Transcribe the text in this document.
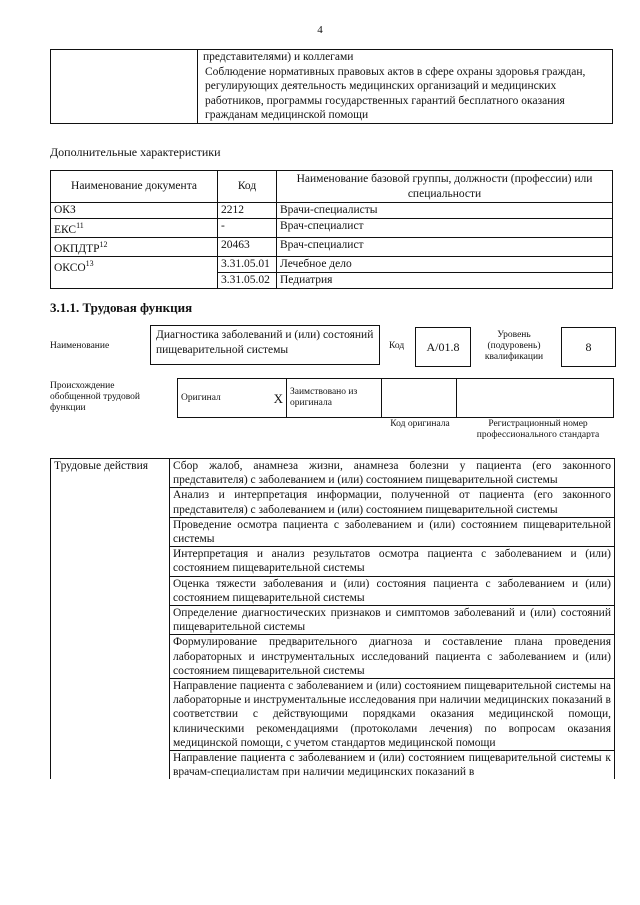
4

представителями) и коллегами
Соблюдение нормативных правовых актов в сфере охраны здоровья граждан, регулирующих деятельность медицинских организаций и медицинских работников, программы государственных гарантий бесплатного оказания гражданам медицинской помощи
Дополнительные характеристики
Наименование документа	Код	Наименование базовой группы, должности (профессии) или специальности
ОКЗ	2212	Врачи-специалисты
ЕКС$^{11}$	-	Врач-специалист
ОКПДТР$^{12}$	20463	Врач-специалист
ОКСО$^{13}$	3.31.05.01	Лечебное дело
	3.31.05.02	Педиатрия
3.1.1. Трудовая функция
Наименование
Диагностика заболеваний и (или) состояний пищеварительной системы	Код	А/01.8
Уровень (подуровень) квалификации
8
Происхождение обобщенной трудовой функции
Оригинал	X	Заимствовано из оригинала		
Код оригинала	Регистрационный номер профессионального стандарта
Трудовые действия	Сбор жалоб, анамнеза жизни, анамнеза болезни у пациента (его законного представителя) с заболеванием и (или) состоянием пищеварительной системы
Анализ и интерпретация информации, полученной от пациента (его законного представителя) с заболеванием и (или) состоянием пищеварительной системы
Проведение осмотра пациента с заболеванием и (или) состоянием пищеварительной системы
Интерпретация и анализ результатов осмотра пациента с заболеванием и (или) состоянием пищеварительной системы
Оценка тяжести заболевания и (или) состояния пациента с заболеванием и (или) состоянием пищеварительной системы
Определение диагностических признаков и симптомов заболеваний и (или) состояний пищеварительной системы
Формулирование предварительного диагноза и составление плана проведения лабораторных и инструментальных исследований пациента с заболеванием и (или) состоянием пищеварительной системы
Направление пациента с заболеванием и (или) состоянием пищеварительной системы на лабораторные и инструментальные исследования при наличии медицинских показаний в соответствии с действующими порядками оказания медицинской помощи, клиническими рекомендациями (протоколами лечения) по вопросам оказания медицинской помощи, с учетом стандартов медицинской помощи
Направление пациента с заболеванием и (или) состоянием пищеварительной системы к врачам-специалистам при наличии медицинских показаний в
